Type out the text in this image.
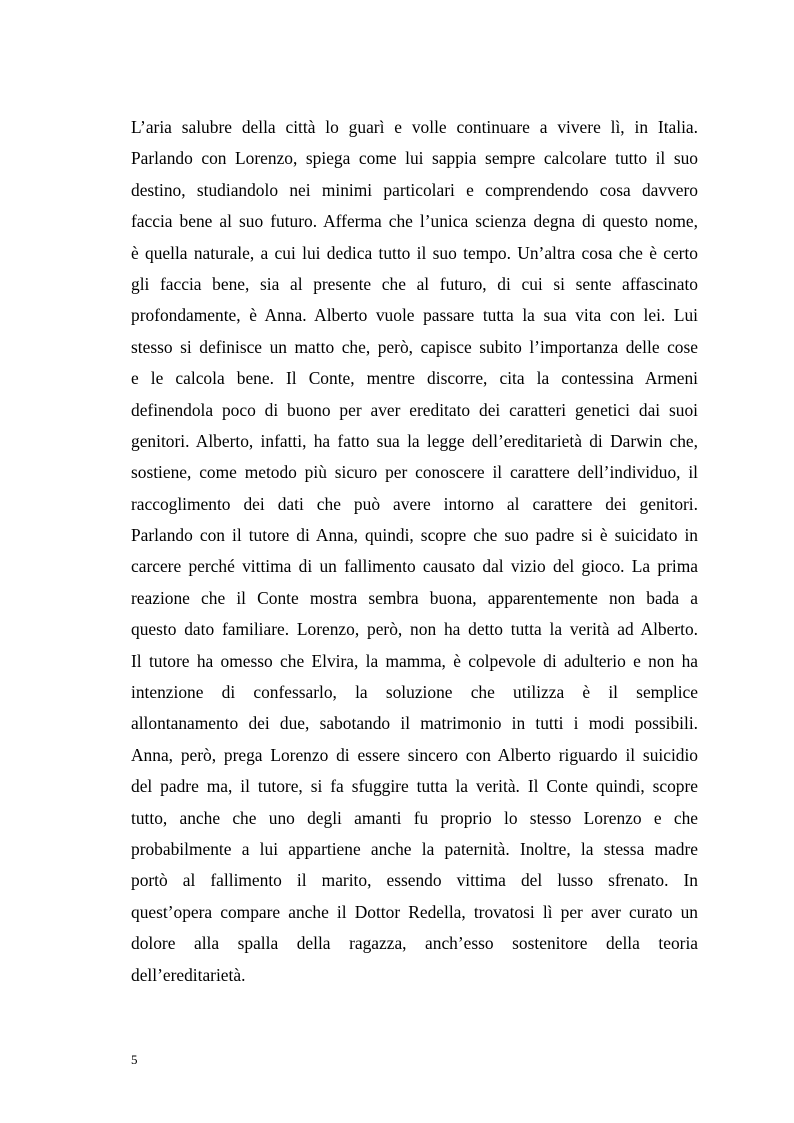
L’aria salubre della città lo guarì e volle continuare a vivere lì, in Italia.
Parlando con Lorenzo, spiega come lui sappia sempre calcolare tutto il suo
destino, studiandolo nei minimi particolari e comprendendo cosa davvero
faccia bene al suo futuro. Afferma che l’unica scienza degna di questo nome,
è quella naturale, a cui lui dedica tutto il suo tempo. Un’altra cosa che è certo
gli faccia bene, sia al presente che al futuro, di cui si sente affascinato
profondamente, è Anna. Alberto vuole passare tutta la sua vita con lei. Lui
stesso si definisce un matto che, però, capisce subito l’importanza delle cose
e le calcola bene. Il Conte, mentre discorre, cita la contessina Armeni
definendola poco di buono per aver ereditato dei caratteri genetici dai suoi
genitori. Alberto, infatti, ha fatto sua la legge dell’ereditarietà di Darwin che,
sostiene, come metodo più sicuro per conoscere il carattere dell’individuo, il
raccoglimento dei dati che può avere intorno al carattere dei genitori.
Parlando con il tutore di Anna, quindi, scopre che suo padre si è suicidato in
carcere perché vittima di un fallimento causato dal vizio del gioco. La prima
reazione che il Conte mostra sembra buona, apparentemente non bada a
questo dato familiare. Lorenzo, però, non ha detto tutta la verità ad Alberto.
Il tutore ha omesso che Elvira, la mamma, è colpevole di adulterio e non ha
intenzione di confessarlo, la soluzione che utilizza è il semplice
allontanamento dei due, sabotando il matrimonio in tutti i modi possibili.
Anna, però, prega Lorenzo di essere sincero con Alberto riguardo il suicidio
del padre ma, il tutore, si fa sfuggire tutta la verità. Il Conte quindi, scopre
tutto, anche che uno degli amanti fu proprio lo stesso Lorenzo e che
probabilmente a lui appartiene anche la paternità. Inoltre, la stessa madre
portò al fallimento il marito, essendo vittima del lusso sfrenato. In
quest’opera compare anche il Dottor Redella, trovatosi lì per aver curato un
dolore alla spalla della ragazza, anch’esso sostenitore della teoria
dell’ereditarietà.
5
